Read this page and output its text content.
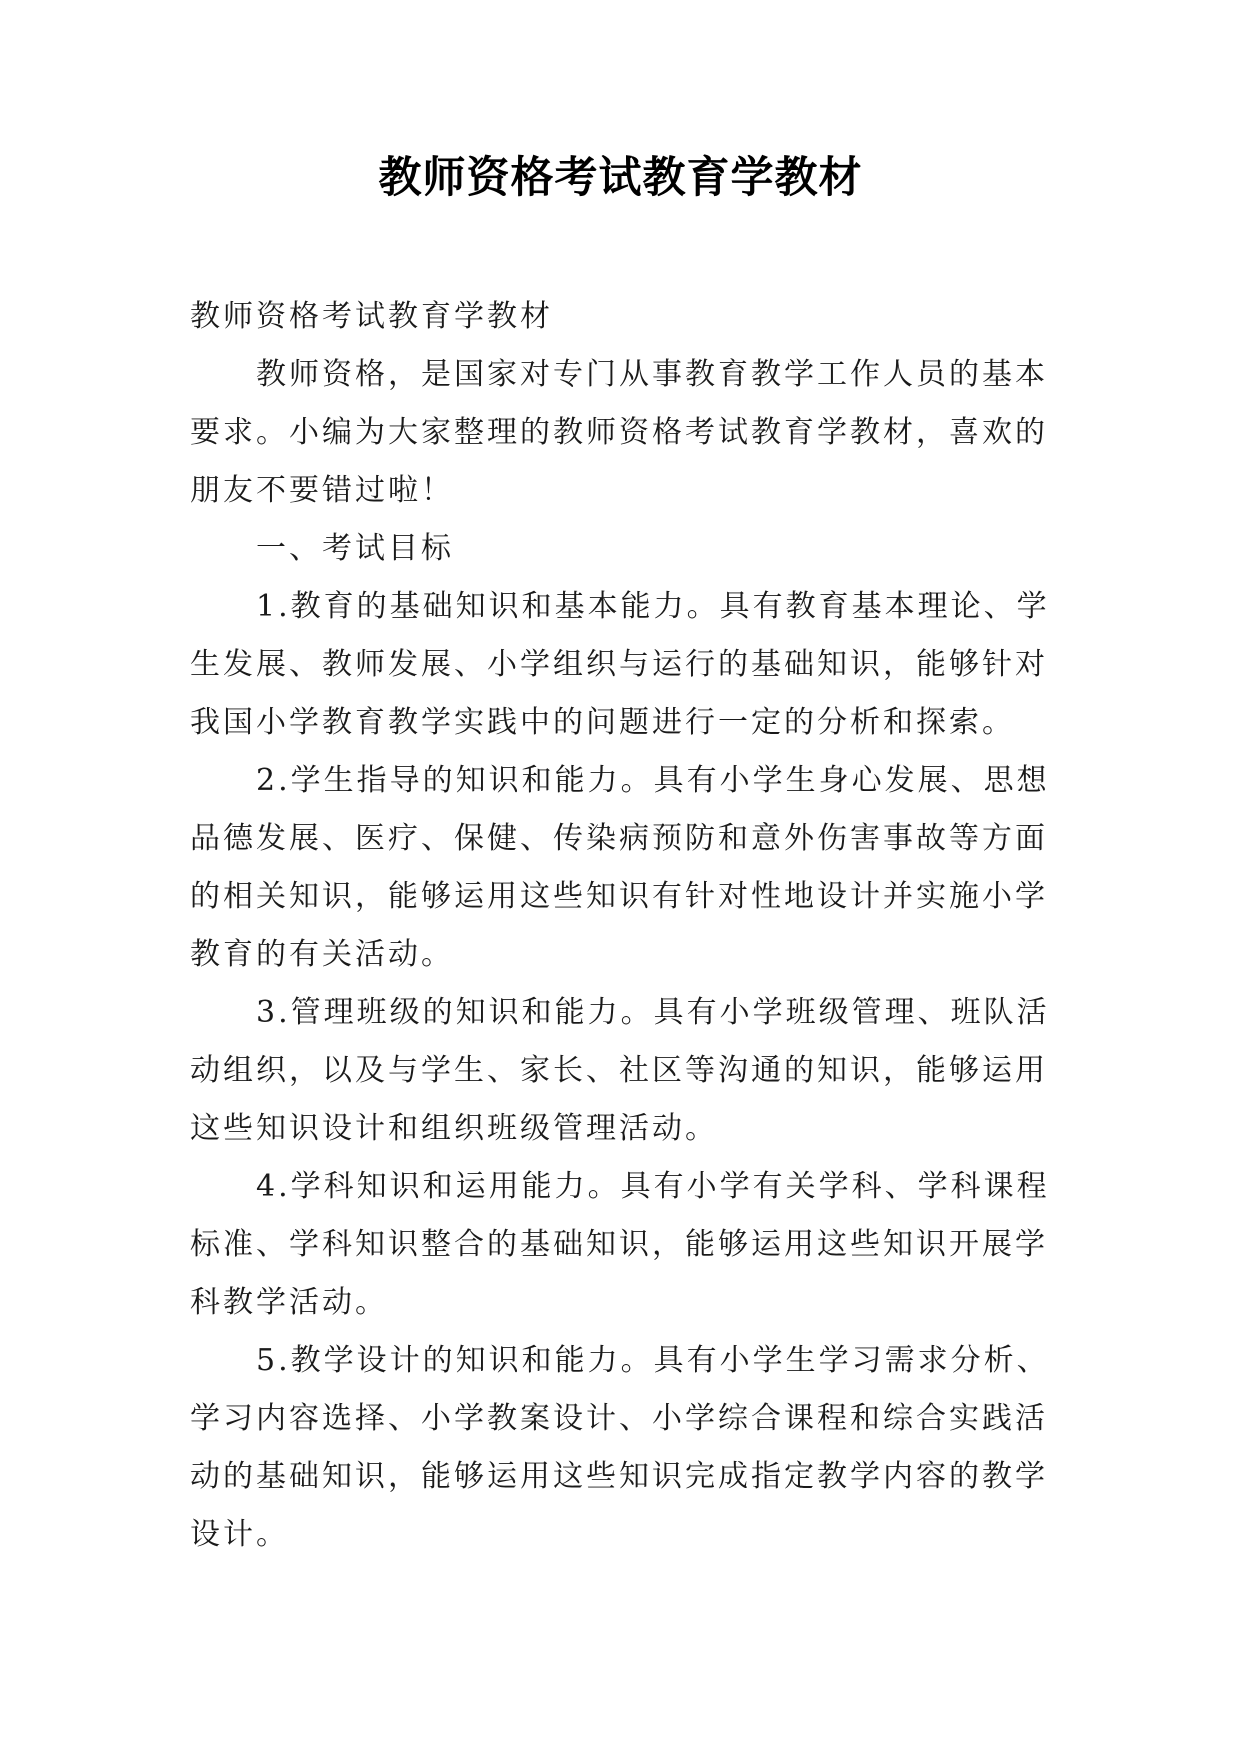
教师资格考试教育学教材

教师资格考试教育学教材

教师资格，是国家对专门从事教育教学工作人员的基本要求。小编为大家整理的教师资格考试教育学教材，喜欢的朋友不要错过啦！

一、考试目标

1.教育的基础知识和基本能力。具有教育基本理论、学生发展、教师发展、小学组织与运行的基础知识，能够针对我国小学教育教学实践中的问题进行一定的分析和探索。

2.学生指导的知识和能力。具有小学生身心发展、思想品德发展、医疗、保健、传染病预防和意外伤害事故等方面的相关知识，能够运用这些知识有针对性地设计并实施小学教育的有关活动。

3.管理班级的知识和能力。具有小学班级管理、班队活动组织，以及与学生、家长、社区等沟通的知识，能够运用这些知识设计和组织班级管理活动。

4.学科知识和运用能力。具有小学有关学科、学科课程标准、学科知识整合的基础知识，能够运用这些知识开展学科教学活动。

5.教学设计的知识和能力。具有小学生学习需求分析、学习内容选择、小学教案设计、小学综合课程和综合实践活动的基础知识，能够运用这些知识完成指定教学内容的教学设计。
